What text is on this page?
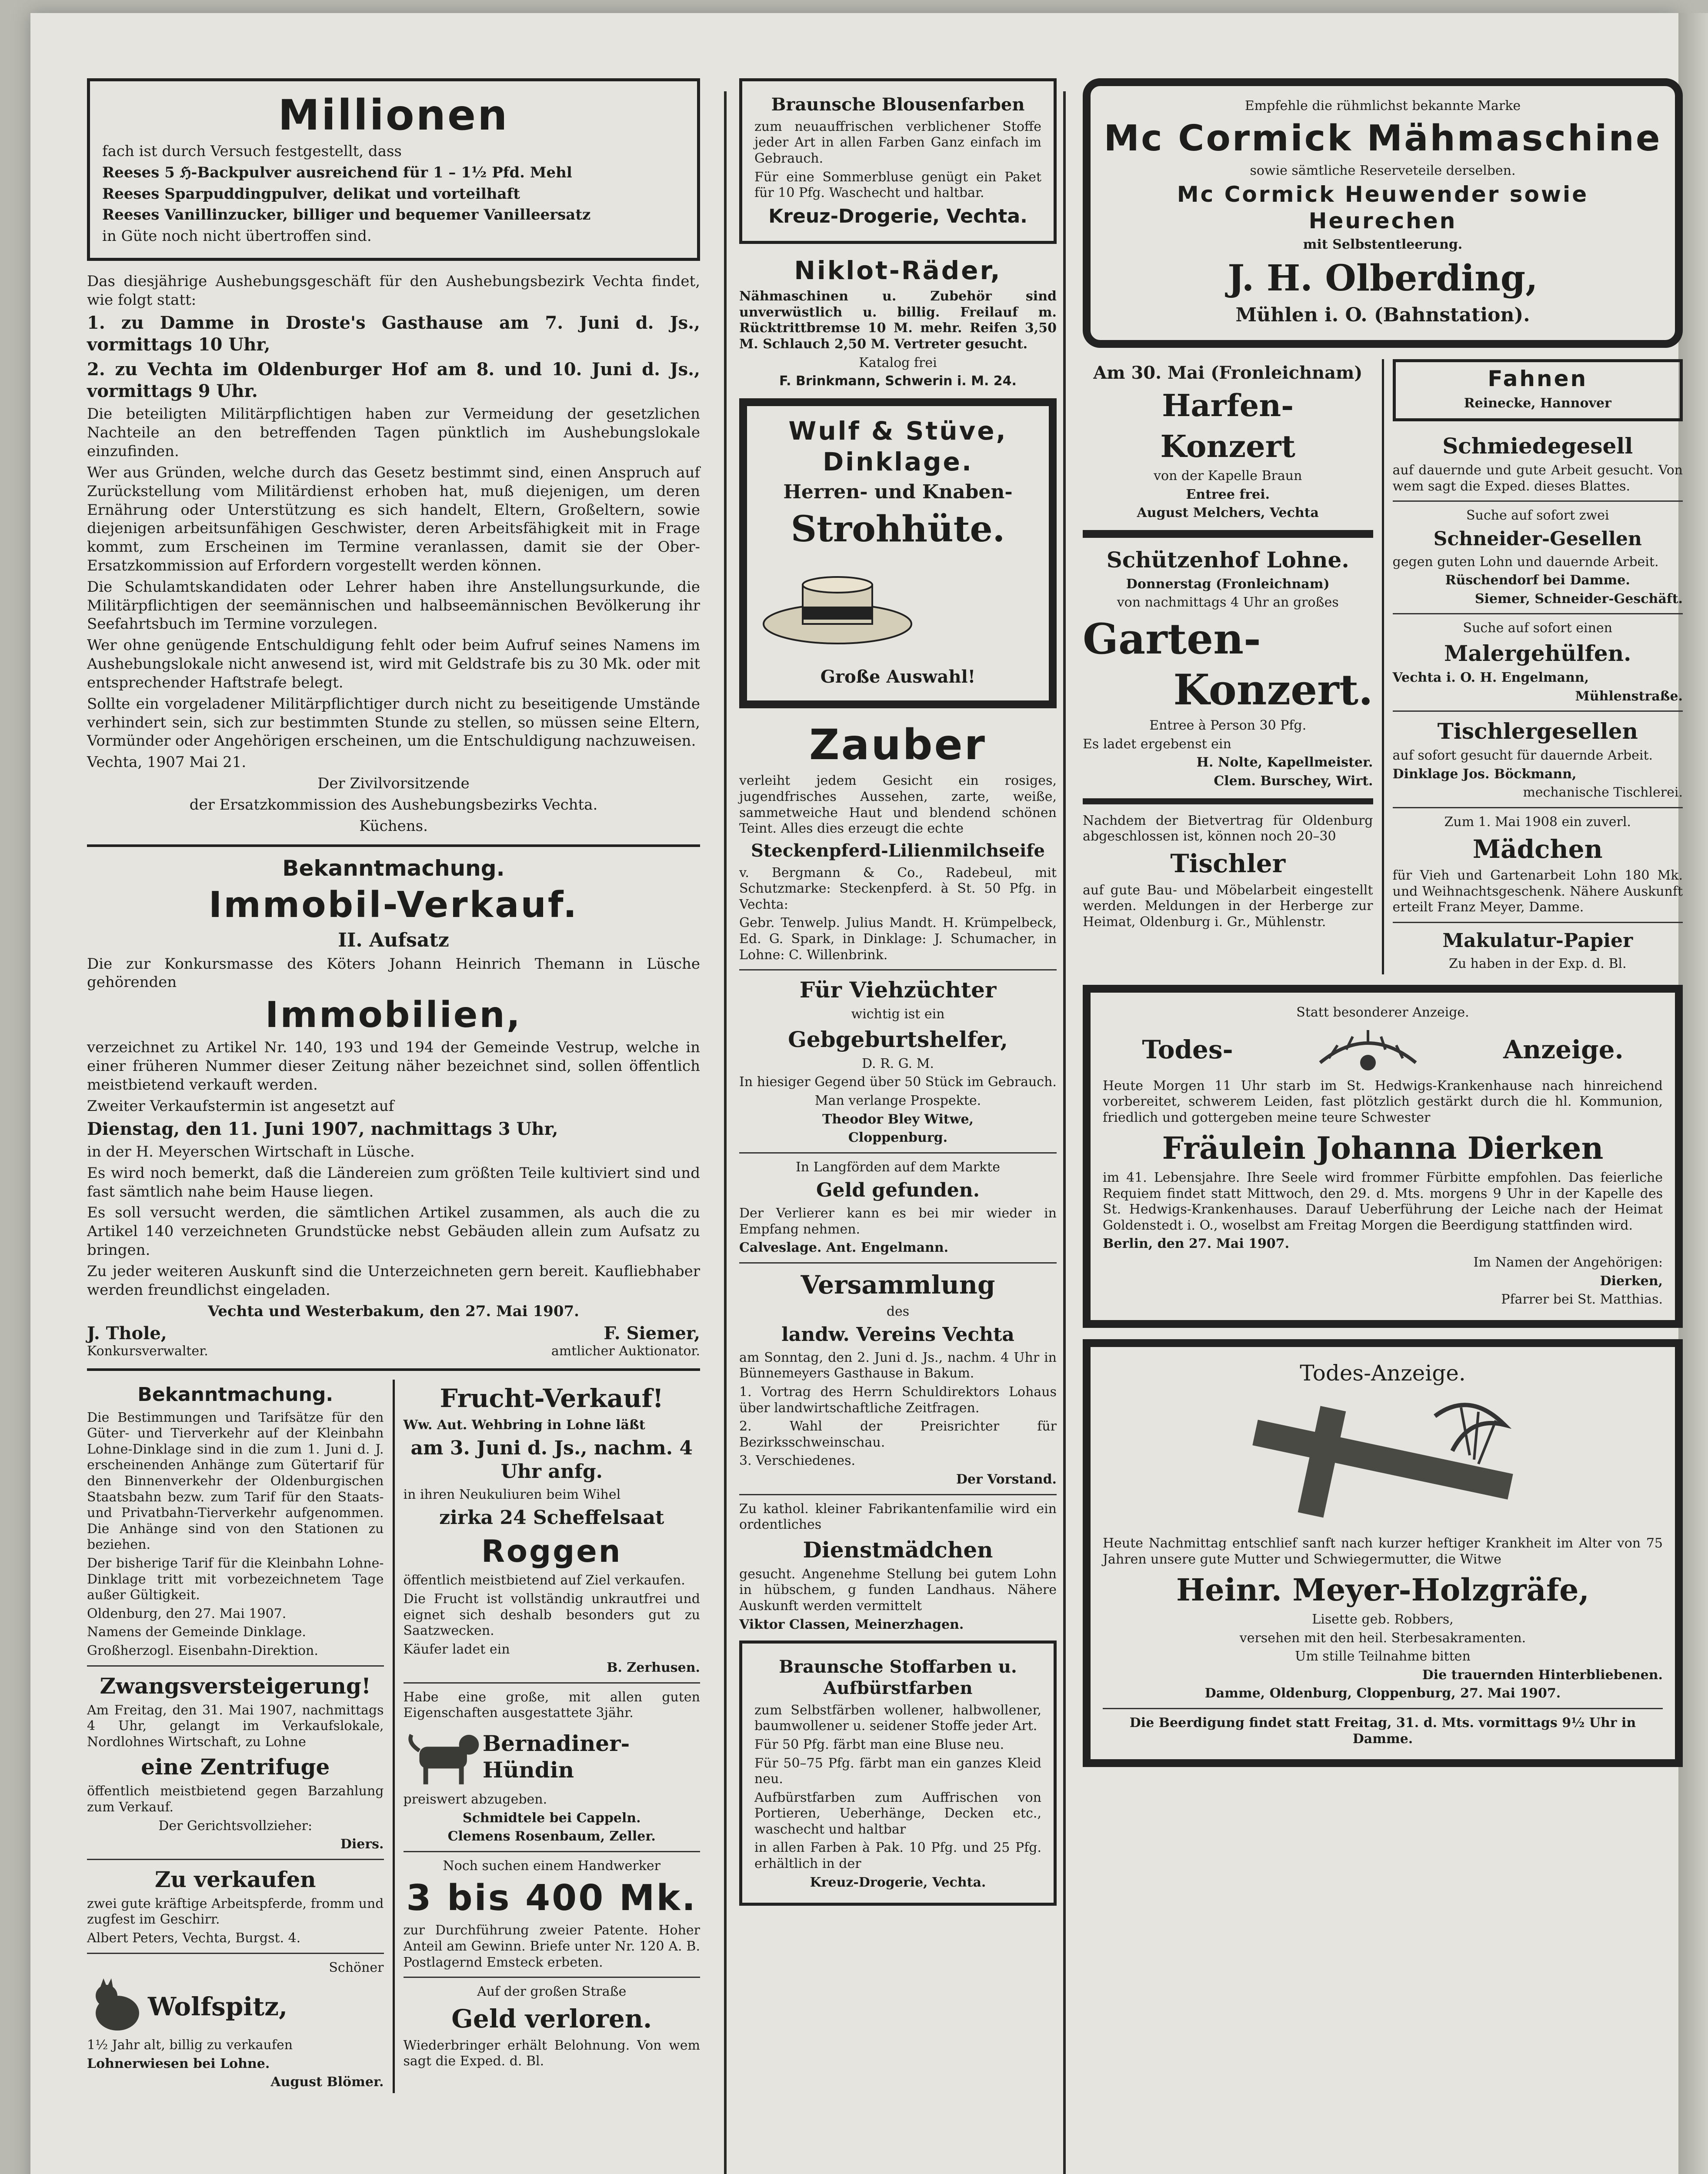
Millionen

fach ist durch Versuch festgestellt, dass

Reeses 5 ℌ-Backpulver ausreichend für 1 – 1½ Pfd. Mehl

Reeses Sparpuddingpulver, delikat und vorteilhaft

Reeses Vanillinzucker, billiger und bequemer Vanilleersatz

in Güte noch nicht übertroffen sind.

Das diesjährige Aushebungsgeschäft für den Aushebungsbezirk Vechta findet, wie folgt statt:

1. zu Damme in Droste's Gasthause am 7. Juni d. Js., vormittags 10 Uhr,

2. zu Vechta im Oldenburger Hof am 8. und 10. Juni d. Js., vormittags 9 Uhr.

Die beteiligten Militärpflichtigen haben zur Vermeidung der gesetzlichen Nachteile an den betreffenden Tagen pünktlich im Aushebungslokale einzufinden.

Wer aus Gründen, welche durch das Gesetz bestimmt sind, einen Anspruch auf Zurückstellung vom Militärdienst erhoben hat, muß diejenigen, um deren Ernährung oder Unterstützung es sich handelt, Eltern, Großeltern, sowie diejenigen arbeitsunfähigen Geschwister, deren Arbeitsfähigkeit mit in Frage kommt, zum Erscheinen im Termine veranlassen, damit sie der Ober-Ersatzkommission auf Erfordern vorgestellt werden können.

Die Schulamtskandidaten oder Lehrer haben ihre Anstellungsurkunde, die Militärpflichtigen der seemännischen und halbseemännischen Bevölkerung ihr Seefahrtsbuch im Termine vorzulegen.

Wer ohne genügende Entschuldigung fehlt oder beim Aufruf seines Namens im Aushebungslokale nicht anwesend ist, wird mit Geldstrafe bis zu 30 Mk. oder mit entsprechender Haftstrafe belegt.

Sollte ein vorgeladener Militärpflichtiger durch nicht zu beseitigende Umstände verhindert sein, sich zur bestimmten Stunde zu stellen, so müssen seine Eltern, Vormünder oder Angehörigen erscheinen, um die Entschuldigung nachzuweisen.

Vechta, 1907 Mai 21.

Der Zivilvorsitzende

der Ersatzkommission des Aushebungsbezirks Vechta.

Küchens.

Bekanntmachung.
Immobil-Verkauf.
II. Aufsatz

Die zur Konkursmasse des Köters Johann Heinrich Themann in Lüsche gehörenden

Immobilien,

verzeichnet zu Artikel Nr. 140, 193 und 194 der Gemeinde Vestrup, welche in einer früheren Nummer dieser Zeitung näher bezeichnet sind, sollen öffentlich meistbietend verkauft werden.

Zweiter Verkaufstermin ist angesetzt auf

Dienstag, den 11. Juni 1907, nachmittags 3 Uhr,

in der H. Meyerschen Wirtschaft in Lüsche.

Es wird noch bemerkt, daß die Ländereien zum größten Teile kultiviert sind und fast sämtlich nahe beim Hause liegen.

Es soll versucht werden, die sämtlichen Artikel zusammen, als auch die zu Artikel 140 verzeichneten Grundstücke nebst Gebäuden allein zum Aufsatz zu bringen.

Zu jeder weiteren Auskunft sind die Unterzeichneten gern bereit. Kaufliebhaber werden freundlichst eingeladen.

Vechta und Westerbakum, den 27. Mai 1907.

J. Thole,
Konkursverwalter.
F. Siemer,
amtlicher Auktionator.
Bekanntmachung.

Die Bestimmungen und Tarifsätze für den Güter- und Tierverkehr auf der Kleinbahn Lohne-Dinklage sind in die zum 1. Juni d. J. erscheinenden Anhänge zum Gütertarif für den Binnenverkehr der Oldenburgischen Staatsbahn bezw. zum Tarif für den Staats- und Privatbahn-Tierverkehr aufgenommen. Die Anhänge sind von den Stationen zu beziehen.

Der bisherige Tarif für die Kleinbahn Lohne-Dinklage tritt mit vorbezeichnetem Tage außer Gültigkeit.

Oldenburg, den 27. Mai 1907.

Namens der Gemeinde Dinklage.

Großherzogl. Eisenbahn-Direktion.

Zwangsversteigerung!

Am Freitag, den 31. Mai 1907, nachmittags 4 Uhr, gelangt im Verkaufslokale, Nordlohnes Wirtschaft, zu Lohne

eine Zentrifuge

öffentlich meistbietend gegen Barzahlung zum Verkauf.

Der Gerichtsvollzieher:

Diers.

Zu verkaufen

zwei gute kräftige Arbeitspferde, fromm und zugfest im Geschirr.

Albert Peters, Vechta, Burgst. 4.

Schöner

Wolfspitz,

1½ Jahr alt, billig zu verkaufen

Lohnerwiesen bei Lohne.

August Blömer.

Frucht-Verkauf!

Ww. Aut. Wehbring in Lohne läßt

am 3. Juni d. Js., nachm. 4 Uhr anfg.

in ihren Neukuliuren beim Wihel

zirka 24 Scheffelsaat
Roggen

öffentlich meistbietend auf Ziel verkaufen.

Die Frucht ist vollständig unkrautfrei und eignet sich deshalb besonders gut zu Saatzwecken.

Käufer ladet ein

B. Zerhusen.

Habe eine große, mit allen guten Eigenschaften ausgestattete 3jähr.

Bernadiner-Hündin

preiswert abzugeben.

Schmidtele bei Cappeln.

Clemens Rosenbaum, Zeller.

Noch suchen einem Handwerker

3 bis 400 Mk.

zur Durchführung zweier Patente. Hoher Anteil am Gewinn. Briefe unter Nr. 120 A. B. Postlagernd Emsteck erbeten.

Auf der großen Straße

Geld verloren.

Wiederbringer erhält Belohnung. Von wem sagt die Exped. d. Bl.

Braunsche Blousenfarben

zum neuauffrischen verblichener Stoffe jeder Art in allen Farben Ganz einfach im Gebrauch.

Für eine Sommerbluse genügt ein Paket für 10 Pfg. Waschecht und haltbar.

Kreuz-Drogerie, Vechta.
Niklot-Räder,

Nähmaschinen u. Zubehör sind unverwüstlich u. billig. Freilauf m. Rücktrittbremse 10 M. mehr. Reifen 3,50 M. Schlauch 2,50 M. Vertreter gesucht.

Katalog frei

F. Brinkmann, Schwerin i. M. 24.

Wulf & Stüve,
Dinklage.
Herren- und Knaben-
Strohhüte.
Große Auswahl!
Zauber

verleiht jedem Gesicht ein rosiges, jugendfrisches Aussehen, zarte, weiße, sammetweiche Haut und blendend schönen Teint. Alles dies erzeugt die echte

Steckenpferd-Lilienmilchseife

v. Bergmann & Co., Radebeul, mit Schutzmarke: Steckenpferd. à St. 50 Pfg. in Vechta:

Gebr. Tenwelp. Julius Mandt. H. Krümpelbeck, Ed. G. Spark, in Dinklage: J. Schumacher, in Lohne: C. Willenbrink.

Für Viehzüchter

wichtig ist ein

Gebgeburtshelfer,

D. R. G. M.

In hiesiger Gegend über 50 Stück im Gebrauch.

Man verlange Prospekte.

Theodor Bley Witwe,

Cloppenburg.

In Langförden auf dem Markte

Geld gefunden.

Der Verlierer kann es bei mir wieder in Empfang nehmen.

Calveslage. Ant. Engelmann.

Versammlung

des

landw. Vereins Vechta

am Sonntag, den 2. Juni d. Js., nachm. 4 Uhr in Bünnemeyers Gasthause in Bakum.

1. Vortrag des Herrn Schuldirektors Lohaus über landwirtschaftliche Zeitfragen.

2. Wahl der Preisrichter für Bezirksschweinschau.

3. Verschiedenes.

Der Vorstand.

Zu kathol. kleiner Fabrikantenfamilie wird ein ordentliches

Dienstmädchen

gesucht. Angenehme Stellung bei gutem Lohn in hübschem, g funden Landhaus. Nähere Auskunft werden vermittelt

Viktor Classen, Meinerzhagen.

Braunsche Stoffarben u. Aufbürstfarben

zum Selbstfärben wollener, halbwollener, baumwollener u. seidener Stoffe jeder Art.

Für 50 Pfg. färbt man eine Bluse neu.

Für 50–75 Pfg. färbt man ein ganzes Kleid neu.

Aufbürstfarben zum Auffrischen von Portieren, Ueberhänge, Decken etc., waschecht und haltbar

in allen Farben à Pak. 10 Pfg. und 25 Pfg. erhältlich in der

Kreuz-Drogerie, Vechta.

Empfehle die rühmlichst bekannte Marke

Mc Cormick Mähmaschine

sowie sämtliche Reserveteile derselben.

Mc Cormick Heuwender sowie Heurechen

mit Selbstentleerung.

J. H. Olberding,
Mühlen i. O. (Bahnstation).
Am 30. Mai (Fronleichnam)
Harfen-
Konzert

von der Kapelle Braun

Entree frei.

August Melchers, Vechta

Schützenhof Lohne.

Donnerstag (Fronleichnam)

von nachmittags 4 Uhr an großes

Garten-
Konzert.

Entree à Person 30 Pfg.

Es ladet ergebenst ein

H. Nolte, Kapellmeister.

Clem. Burschey, Wirt.

Nachdem der Bietvertrag für Oldenburg abgeschlossen ist, können noch 20–30

Tischler

auf gute Bau- und Möbelarbeit eingestellt werden. Meldungen in der Herberge zur Heimat, Oldenburg i. Gr., Mühlenstr.

Fahnen
Reinecke, Hannover
Schmiedegesell

auf dauernde und gute Arbeit gesucht. Von wem sagt die Exped. dieses Blattes.

Suche auf sofort zwei

Schneider-Gesellen

gegen guten Lohn und dauernde Arbeit.

Rüschendorf bei Damme.

Siemer, Schneider-Geschäft.

Suche auf sofort einen

Malergehülfen.

Vechta i. O. H. Engelmann,

Mühlenstraße.

Tischlergesellen

auf sofort gesucht für dauernde Arbeit.

Dinklage Jos. Böckmann,

mechanische Tischlerei.

Zum 1. Mai 1908 ein zuverl.

Mädchen

für Vieh und Gartenarbeit Lohn 180 Mk. und Weihnachtsgeschenk. Nähere Auskunft erteilt Franz Meyer, Damme.

Makulatur-Papier

Zu haben in der Exp. d. Bl.

Statt besonderer Anzeige.

Todes-	Anzeige.

Heute Morgen 11 Uhr starb im St. Hedwigs-Krankenhause nach hinreichend vorbereitet, schwerem Leiden, fast plötzlich gestärkt durch die hl. Kommunion, friedlich und gottergeben meine teure Schwester

Fräulein Johanna Dierken

im 41. Lebensjahre. Ihre Seele wird frommer Fürbitte empfohlen. Das feierliche Requiem findet statt Mittwoch, den 29. d. Mts. morgens 9 Uhr in der Kapelle des St. Hedwigs-Krankenhauses. Darauf Ueberführung der Leiche nach der Heimat Goldenstedt i. O., woselbst am Freitag Morgen die Beerdigung stattfinden wird.

Berlin, den 27. Mai 1907.

Im Namen der Angehörigen:

Dierken,

Pfarrer bei St. Matthias.

Todes-Anzeige.

Heute Nachmittag entschlief sanft nach kurzer heftiger Krankheit im Alter von 75 Jahren unsere gute Mutter und Schwiegermutter, die Witwe

Heinr. Meyer-Holzgräfe,

Lisette geb. Robbers,

versehen mit den heil. Sterbesakramenten.

Um stille Teilnahme bitten

Die trauernden Hinterbliebenen.

Damme, Oldenburg, Cloppenburg, 27. Mai 1907.

Die Beerdigung findet statt Freitag, 31. d. Mts. vormittags 9½ Uhr in Damme.
